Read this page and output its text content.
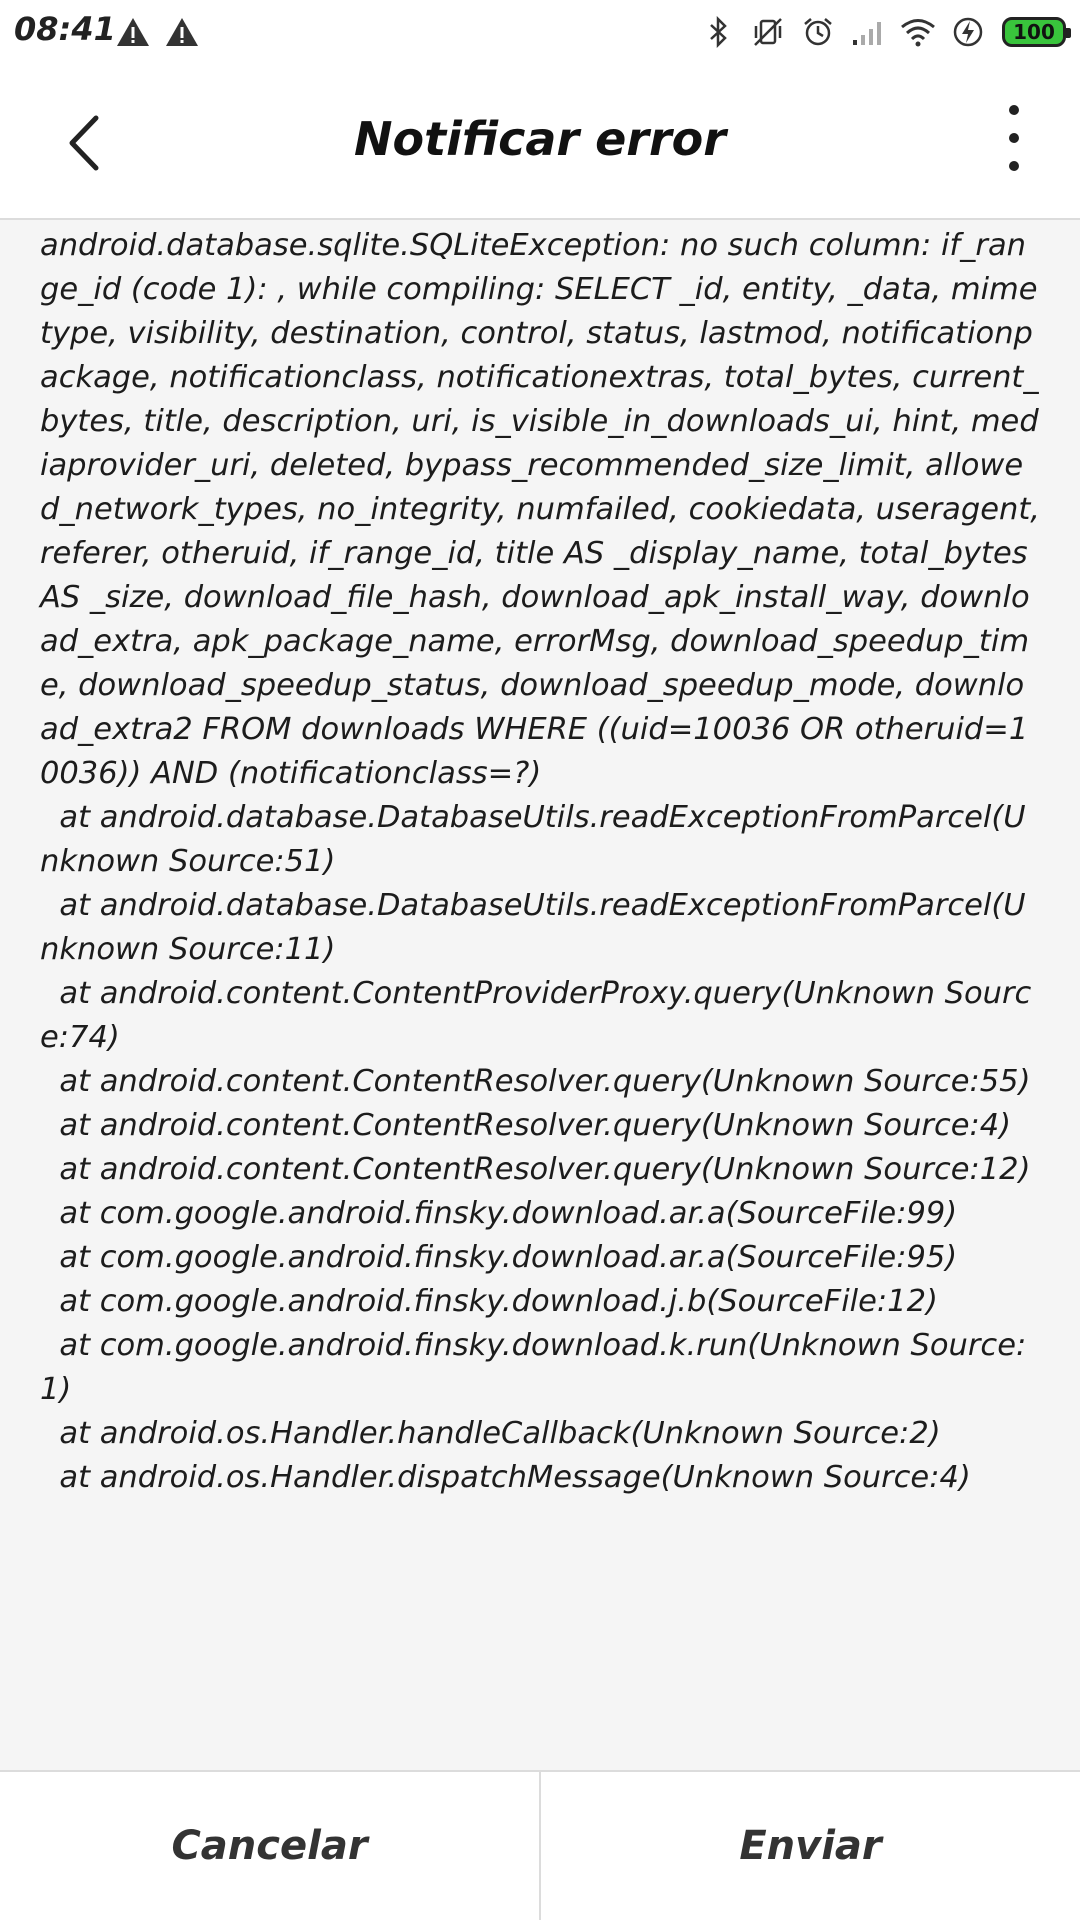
08:41	100
Notificar error
android.database.sqlite.SQLiteException: no such column: if_range_id (code 1): , while compiling: SELECT _id, entity, _data, mimetype, visibility, destination, control, status, lastmod, notificationpackage, notificationclass, notificationextras, total_bytes, current_bytes, title, description, uri, is_visible_in_downloads_ui, hint, mediaprovider_uri, deleted, bypass_recommended_size_limit, allowed_network_types, no_integrity, numfailed, cookiedata, useragent, referer, otheruid, if_range_id, title AS _display_name, total_bytes AS _size, download_file_hash, download_apk_install_way, download_extra, apk_package_name, errorMsg, download_speedup_time, download_speedup_status, download_speedup_mode, download_extra2 FROM downloads WHERE ((uid=10036 OR otheruid=10036)) AND (notificationclass=?)
at android.database.DatabaseUtils.readExceptionFromParcel(Unknown Source:51)
at android.database.DatabaseUtils.readExceptionFromParcel(Unknown Source:11)
at android.content.ContentProviderProxy.query(Unknown Source:74)
at android.content.ContentResolver.query(Unknown Source:55)
at android.content.ContentResolver.query(Unknown Source:4)
at android.content.ContentResolver.query(Unknown Source:12)
at com.google.android.finsky.download.ar.a(SourceFile:99)
at com.google.android.finsky.download.ar.a(SourceFile:95)
at com.google.android.finsky.download.j.b(SourceFile:12)
at com.google.android.finsky.download.k.run(Unknown Source:1)
at android.os.Handler.handleCallback(Unknown Source:2)
at android.os.Handler.dispatchMessage(Unknown Source:4)
Cancelar	Enviar
